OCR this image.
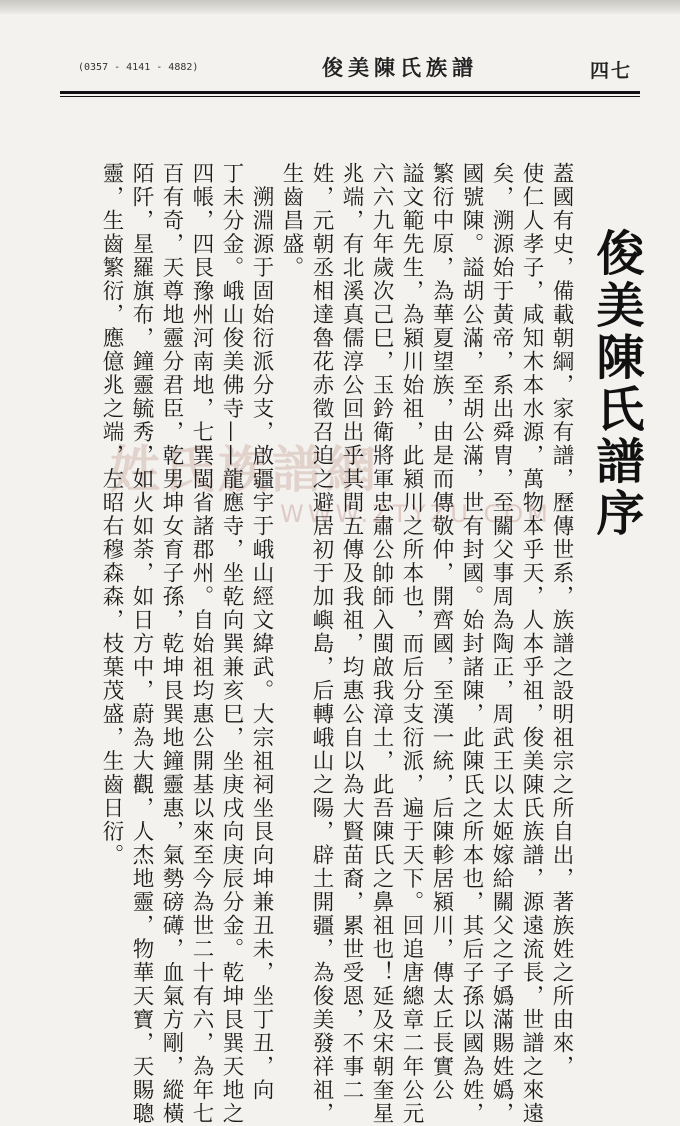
(0357 - 4141 - 4882)	俊美陳氏族譜	四七
俊美陳氏譜序
姓氏族譜網
WWW.ZTYZU.COM
蓋國有史，備載朝綱，家有譜，歷傳世系，族譜之設明祖宗之所自出，著族姓之所由來，
使仁人孝子，咸知木本水源，萬物本乎天，人本乎祖，俊美陳氏族譜，源遠流長，世譜之來遠
矣，溯源始于黃帝，系出舜胄，至關父事周為陶正，周武王以太姬嫁給關父之子嬀滿賜姓嬀，
國號陳。謚胡公滿，至胡公滿，世有封國。始封諸陳，此陳氏之所本也，其后子孫以國為姓，
繁衍中原，為華夏望族，由是而傳敬仲，開齊國，至漢一統，后陳軫居潁川，傳太丘長實公
謚文範先生，為潁川始祖，此潁川之所本也，而后分支衍派，遍于天下。回追唐總章二年公元
六六九年歲次己巳，玉鈐衛將軍忠肅公帥師入閩啟我漳土，此吾陳氏之鼻祖也！延及宋朝奎星
兆端，有北溪真儒淳公回出乎其間五傳及我祖，均惠公自以為大賢苗裔，累世受恩，不事二
姓，元朝丞相達魯花赤徵召迫之避居初于加嶼島，后轉峨山之陽，辟土開疆，為俊美發祥祖，
生齒昌盛。
　溯淵源于固始衍派分支，啟疆宇于峨山經文緯武。大宗祖祠坐艮向坤兼丑未，坐丁丑，向
丁未分金。峨山俊美佛寺——龍應寺，坐乾向巽兼亥巳，坐庚戌向庚辰分金。乾坤艮巽天地之
四帳，四艮豫州河南地，七巽閩省諸郡州。自始祖均惠公開基以來至今為世二十有六，為年七
百有奇，天尊地靈分君臣，乾男坤女育子孫，乾坤艮巽地鐘靈惠，氣勢磅礡，血氣方剛，縱橫
陌阡，星羅旗布，鐘靈毓秀，如火如荼，如日方中，蔚為大觀，人杰地靈，物華天寶，天賜聰
靈，生齒繁衍，應億兆之端，左昭右穆森森，枝葉茂盛，生齒日衍。
